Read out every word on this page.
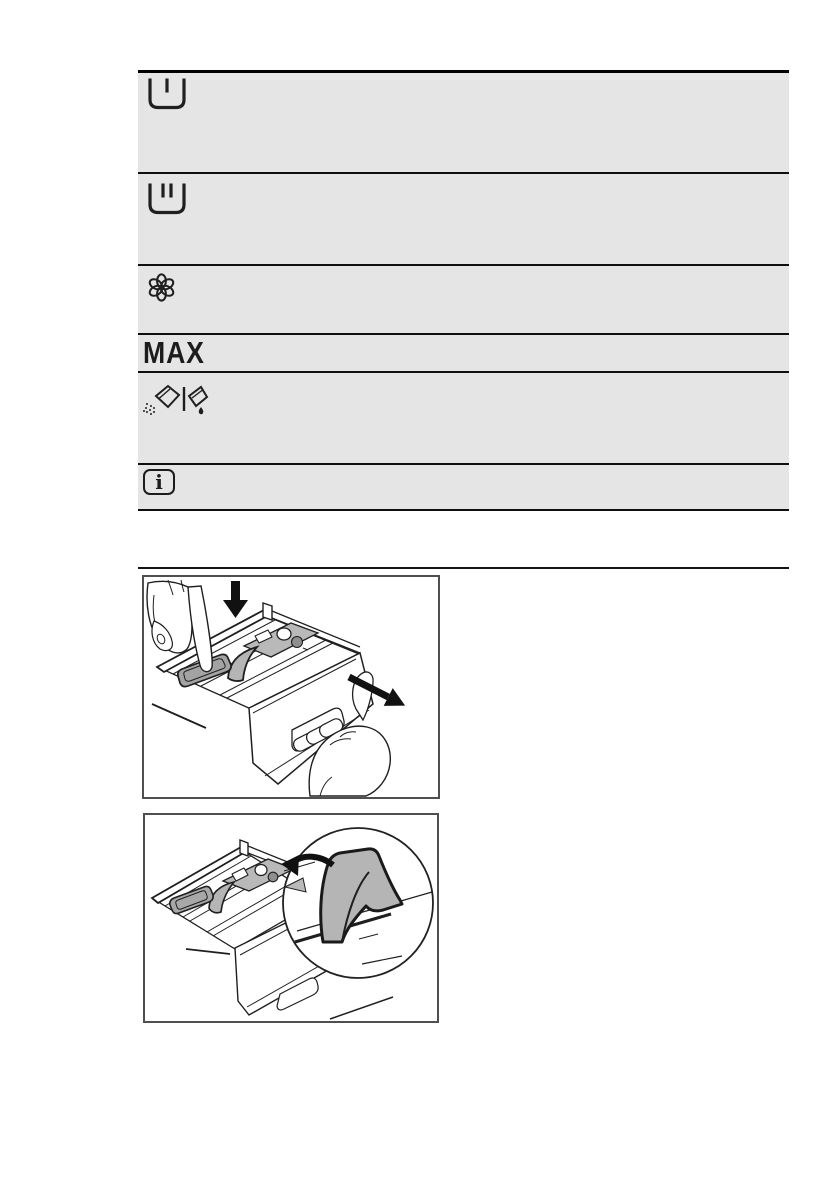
MAX
i
